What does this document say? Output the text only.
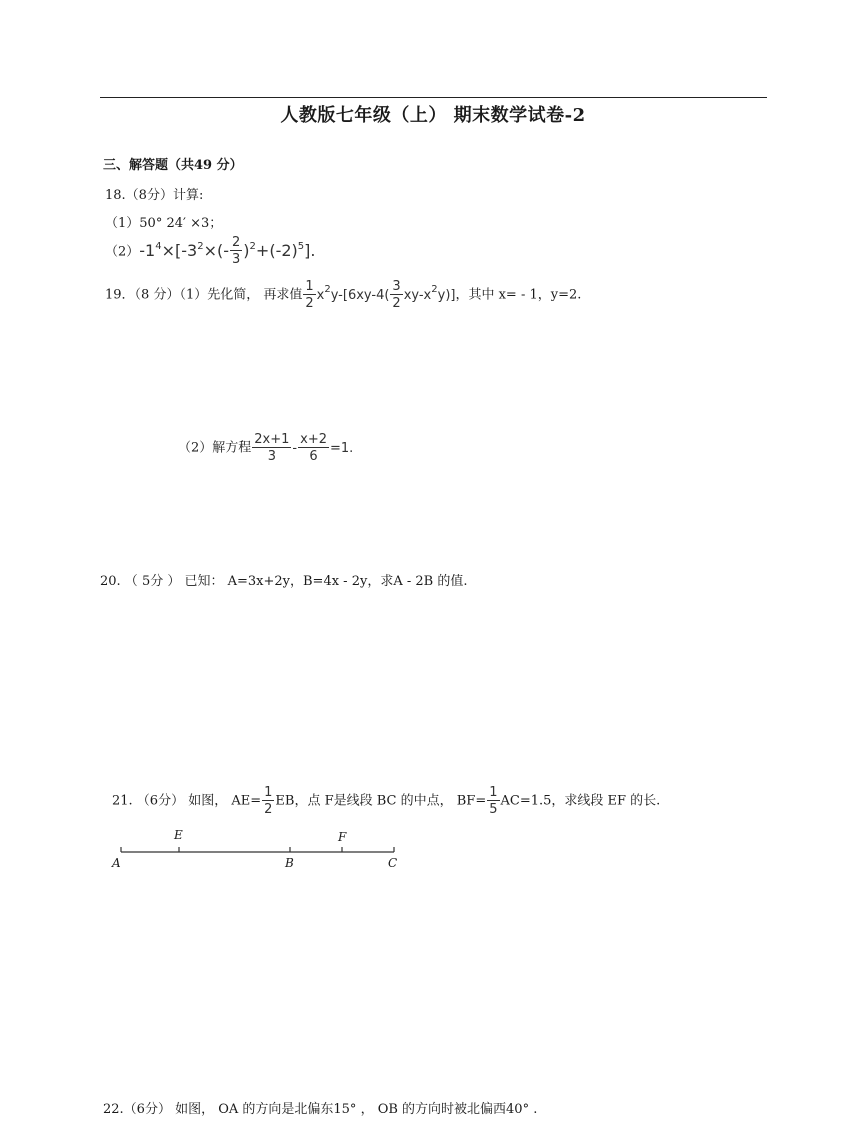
人教版七年级（上） 期末数学试卷-2
三、解答题（共49 分）
18.（8分）计算:
（1）50° 24′ ×3；
$(2)-1^4\times[-3^2\times(- \frac{2}{3} )^2+(-2)^5]$.
19．（8 分）（1）先化简， 再求值 $\frac{1}{2} x^2y-[6xy-4( \frac{3}{2} xy-x^2y)]$，其中 x= - 1，y=2.
（2）解方程 $\frac{2x+1}{3} - \frac{x+2}{6} =1$.
20. （ 5分 ） 已知： A=3x+2y，B=4x - 2y，求A - 2B 的值.
21. （6分） 如图， $AE= \frac{1}{2}$ EB，点 F是线段 BC 的中点， $BF= \frac{1}{5} AC=1.5$，求线段 EF 的长.
E	F
A	B	C
22.（6分） 如图， OA 的方向是北偏东15° ， OB 的方向时被北偏西40° .
